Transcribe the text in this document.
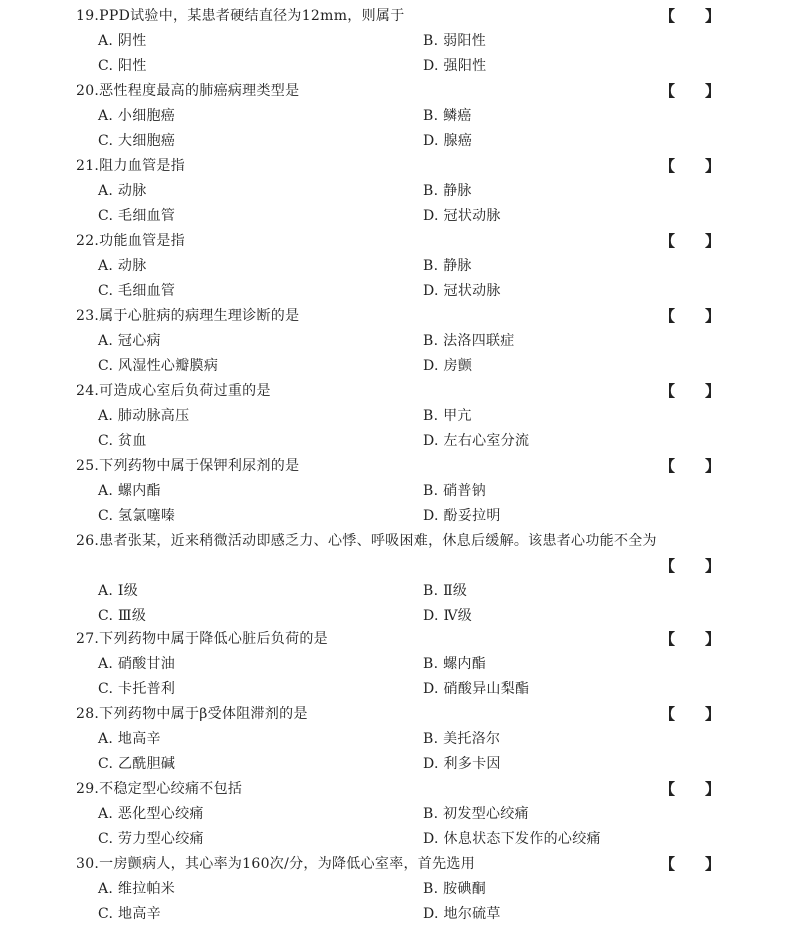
19.PPD试验中，某患者硬结直径为12mm，则属于	【 】
A. 阴性	B. 弱阳性
C. 阳性	D. 强阳性
20.恶性程度最高的肺癌病理类型是	【 】
A. 小细胞癌	B. 鳞癌
C. 大细胞癌	D. 腺癌
21.阻力血管是指	【 】
A. 动脉	B. 静脉
C. 毛细血管	D. 冠状动脉
22.功能血管是指	【 】
A. 动脉	B. 静脉
C. 毛细血管	D. 冠状动脉
23.属于心脏病的病理生理诊断的是	【 】
A. 冠心病	B. 法洛四联症
C. 风湿性心瓣膜病	D. 房颤
24.可造成心室后负荷过重的是	【 】
A. 肺动脉高压	B. 甲亢
C. 贫血	D. 左右心室分流
25.下列药物中属于保钾利尿剂的是	【 】
A. 螺内酯	B. 硝普钠
C. 氢氯噻嗪	D. 酚妥拉明
26.患者张某，近来稍微活动即感乏力、心悸、呼吸困难，休息后缓解。该患者心功能不全为
【 】
A. Ⅰ级	B. Ⅱ级
C. Ⅲ级	D. Ⅳ级
27.下列药物中属于降低心脏后负荷的是	【 】
A. 硝酸甘油	B. 螺内酯
C. 卡托普利	D. 硝酸异山梨酯
28.下列药物中属于β受体阻滞剂的是	【 】
A. 地高辛	B. 美托洛尔
C. 乙酰胆碱	D. 利多卡因
29.不稳定型心绞痛不包括	【 】
A. 恶化型心绞痛	B. 初发型心绞痛
C. 劳力型心绞痛	D. 休息状态下发作的心绞痛
30.一房颤病人，其心率为160次/分，为降低心室率，首先选用	【 】
A. 维拉帕米	B. 胺碘酮
C. 地高辛	D. 地尔硫草
